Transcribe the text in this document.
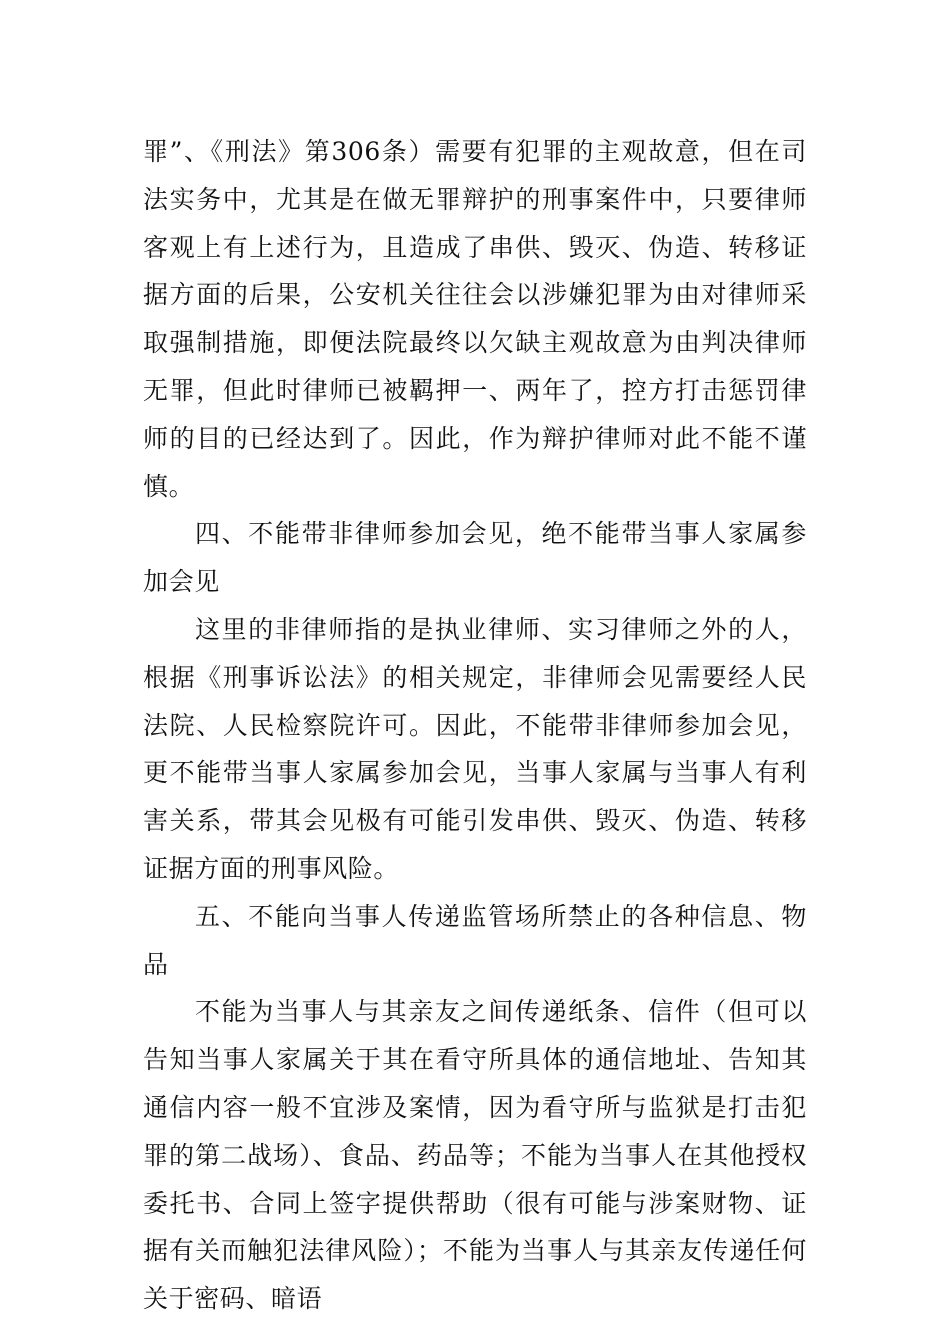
罪”、《刑法》第306条）需要有犯罪的主观故意，但在司法实务中，尤其是在做无罪辩护的刑事案件中，只要律师客观上有上述行为，且造成了串供、毁灭、伪造、转移证据方面的后果，公安机关往往会以涉嫌犯罪为由对律师采取强制措施，即便法院最终以欠缺主观故意为由判决律师无罪，但此时律师已被羁押一、两年了，控方打击惩罚律师的目的已经达到了。因此，作为辩护律师对此不能不谨慎。

四、不能带非律师参加会见，绝不能带当事人家属参加会见

这里的非律师指的是执业律师、实习律师之外的人，根据《刑事诉讼法》的相关规定，非律师会见需要经人民法院、人民检察院许可。因此，不能带非律师参加会见，更不能带当事人家属参加会见，当事人家属与当事人有利害关系，带其会见极有可能引发串供、毁灭、伪造、转移证据方面的刑事风险。

五、不能向当事人传递监管场所禁止的各种信息、物品

不能为当事人与其亲友之间传递纸条、信件（但可以告知当事人家属关于其在看守所具体的通信地址、告知其通信内容一般不宜涉及案情，因为看守所与监狱是打击犯罪的第二战场）、食品、药品等；不能为当事人在其他授权委托书、合同上签字提供帮助（很有可能与涉案财物、证据有关而触犯法律风险）；不能为当事人与其亲友传递任何关于密码、暗语
